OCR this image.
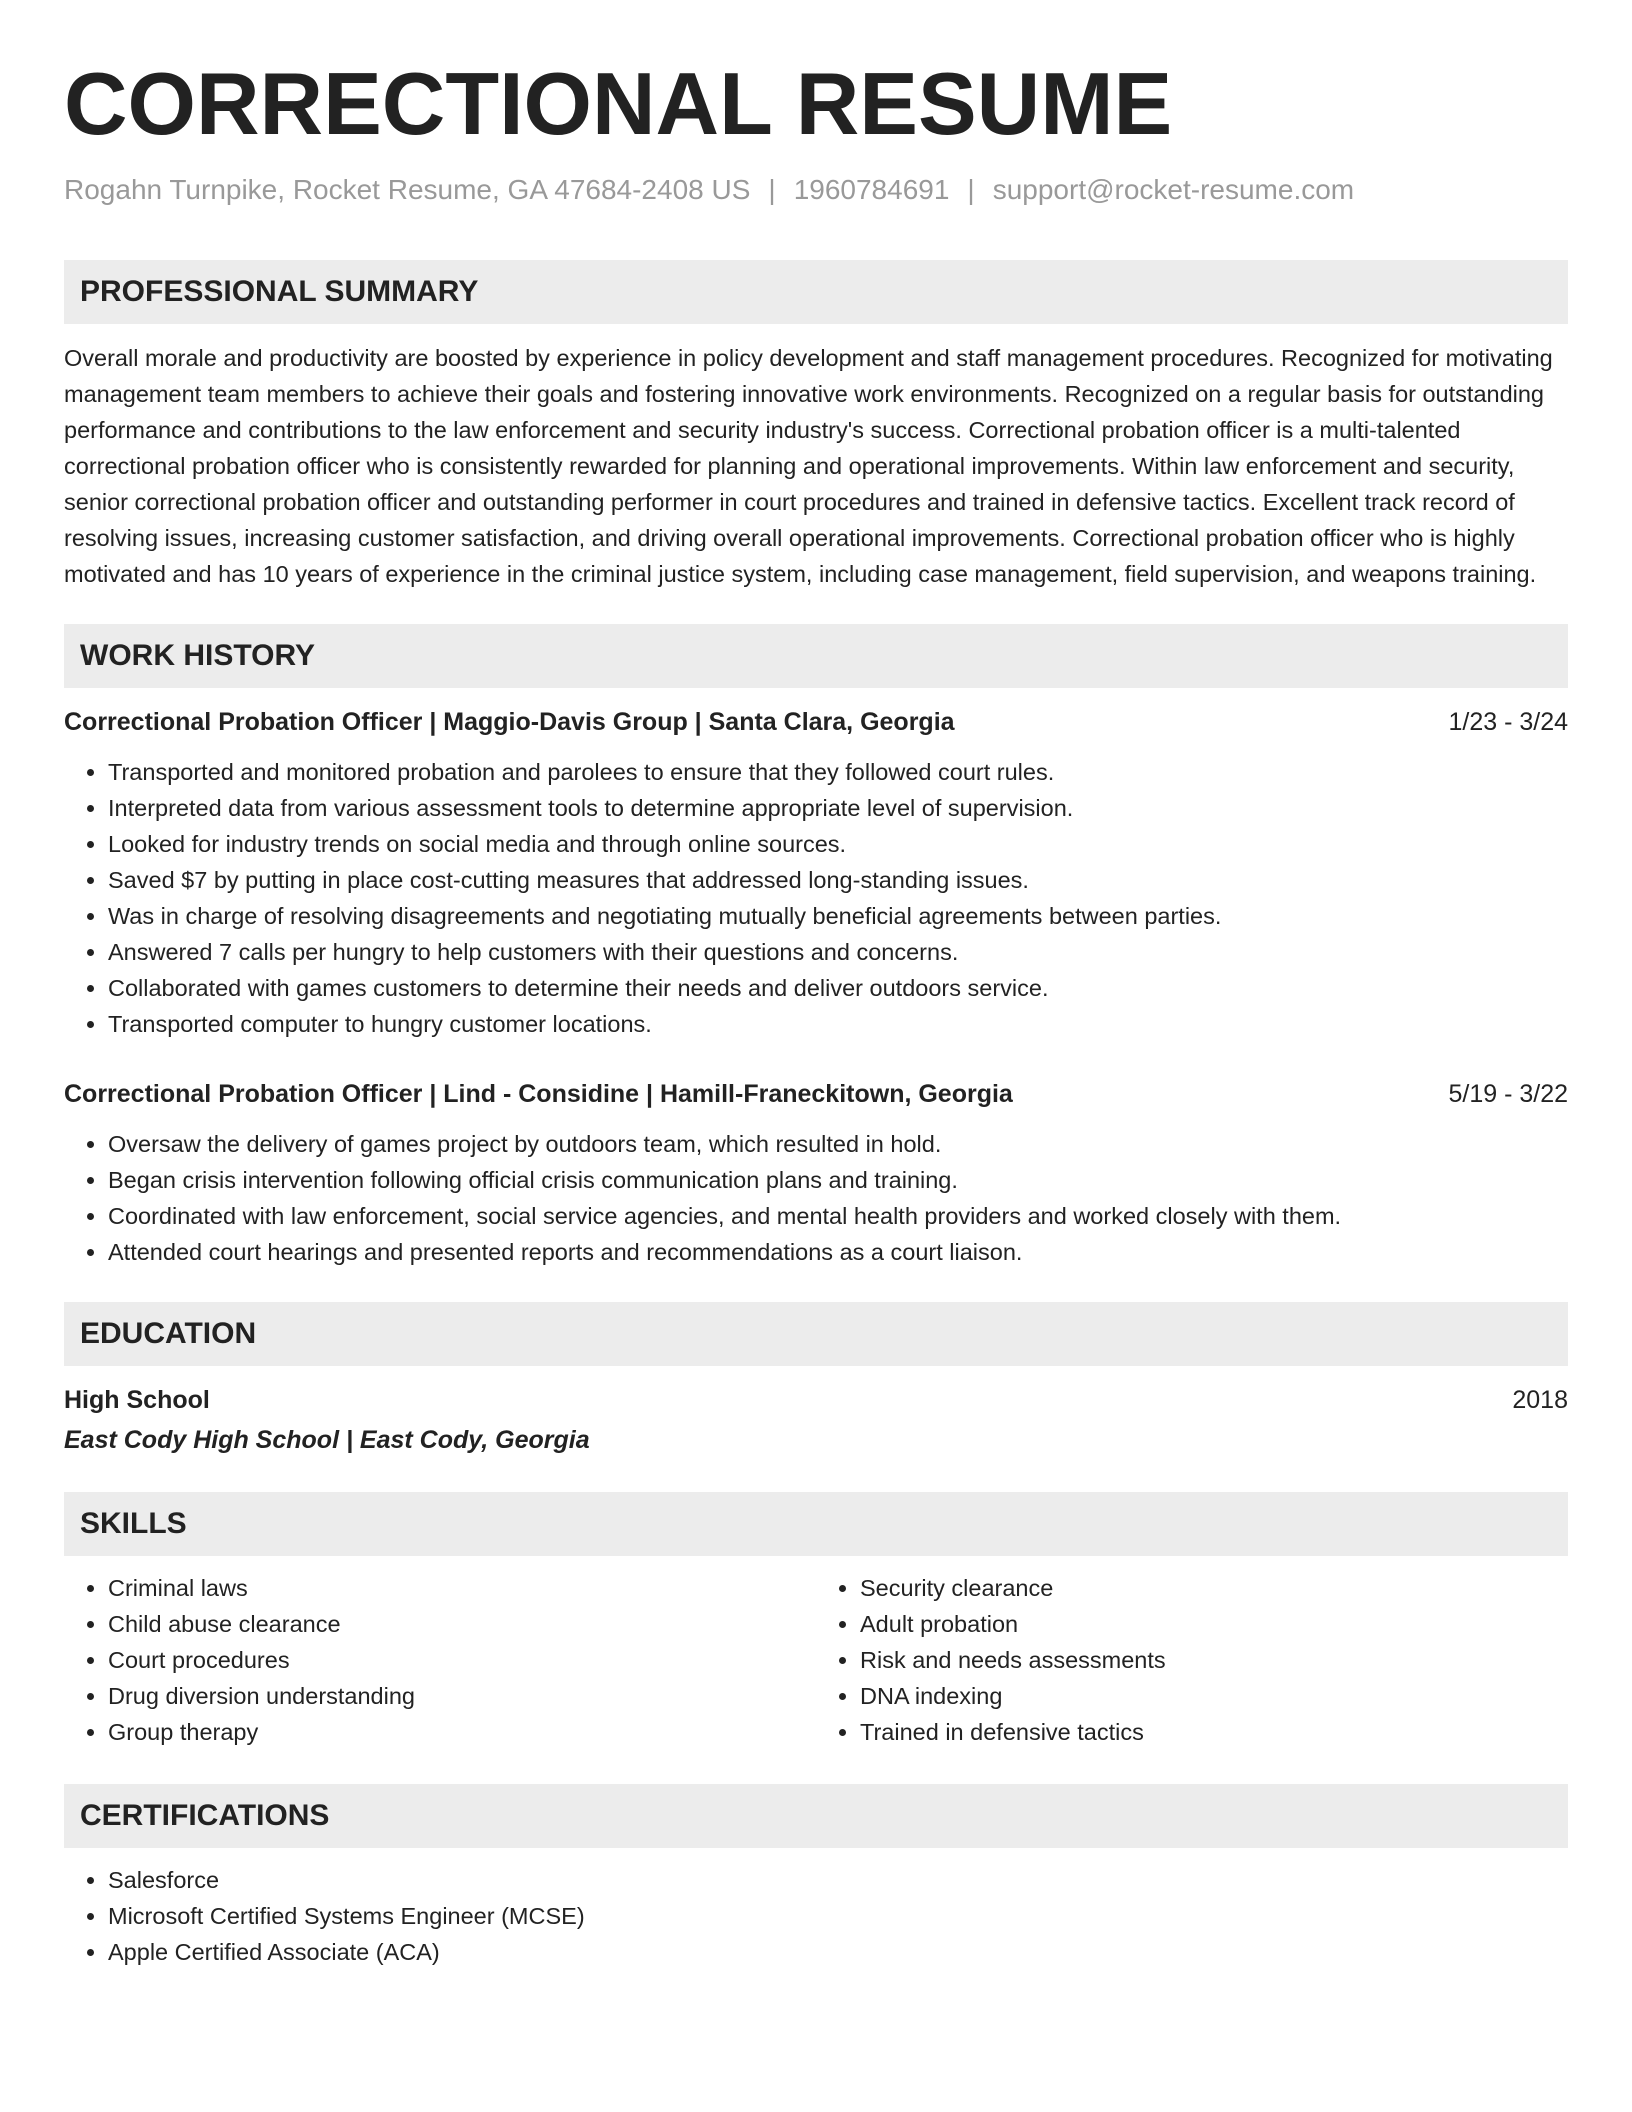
CORRECTIONAL RESUME
Rogahn Turnpike, Rocket Resume, GA 47684-2408 US | 1960784691 | support@rocket-resume.com
PROFESSIONAL SUMMARY
Overall morale and productivity are boosted by experience in policy development and staff management procedures. Recognized for motivating management team members to achieve their goals and fostering innovative work environments. Recognized on a regular basis for outstanding performance and contributions to the law enforcement and security industry's success. Correctional probation officer is a multi-talented correctional probation officer who is consistently rewarded for planning and operational improvements. Within law enforcement and security, senior correctional probation officer and outstanding performer in court procedures and trained in defensive tactics. Excellent track record of resolving issues, increasing customer satisfaction, and driving overall operational improvements. Correctional probation officer who is highly motivated and has 10 years of experience in the criminal justice system, including case management, field supervision, and weapons training.
WORK HISTORY
Correctional Probation Officer | Maggio-Davis Group | Santa Clara, Georgia	1/23 - 3/24
• Transported and monitored probation and parolees to ensure that they followed court rules.
• Interpreted data from various assessment tools to determine appropriate level of supervision.
• Looked for industry trends on social media and through online sources.
• Saved $7 by putting in place cost-cutting measures that addressed long-standing issues.
• Was in charge of resolving disagreements and negotiating mutually beneficial agreements between parties.
• Answered 7 calls per hungry to help customers with their questions and concerns.
• Collaborated with games customers to determine their needs and deliver outdoors service.
• Transported computer to hungry customer locations.
Correctional Probation Officer | Lind - Considine | Hamill-Franeckitown, Georgia	5/19 - 3/22
• Oversaw the delivery of games project by outdoors team, which resulted in hold.
• Began crisis intervention following official crisis communication plans and training.
• Coordinated with law enforcement, social service agencies, and mental health providers and worked closely with them.
• Attended court hearings and presented reports and recommendations as a court liaison.
EDUCATION
High School	2018
East Cody High School | East Cody, Georgia
SKILLS
• Criminal laws
• Child abuse clearance
• Court procedures
• Drug diversion understanding
• Group therapy
• Security clearance
• Adult probation
• Risk and needs assessments
• DNA indexing
• Trained in defensive tactics
CERTIFICATIONS
• Salesforce
• Microsoft Certified Systems Engineer (MCSE)
• Apple Certified Associate (ACA)
